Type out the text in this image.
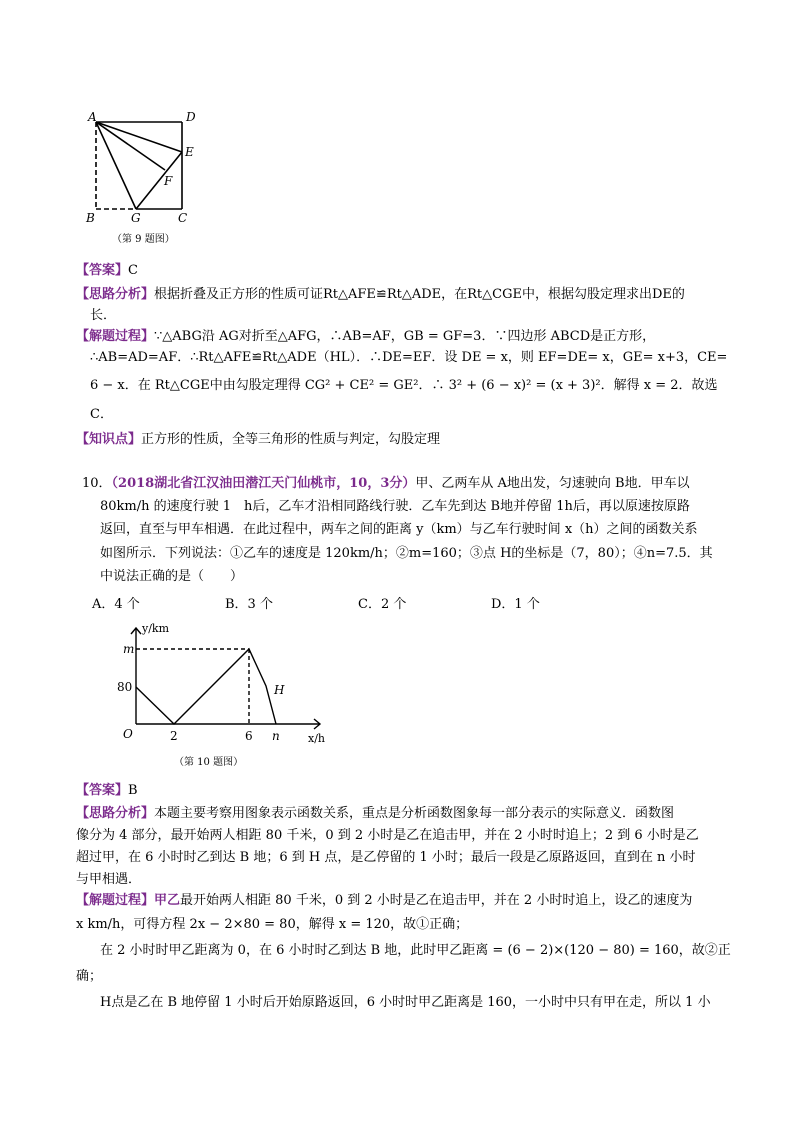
A	D
E
F
B	G	C
（第 9 题图）
【答案】C
【思路分析】根据折叠及正方形的性质可证Rt△AFE≌Rt△ADE，在Rt△CGE中，根据勾股定理求出DE的
长．
【解题过程】∵△ABG沿 AG对折至△AFG，∴AB=AF，GB = GF=3．∵四边形 ABCD是正方形，
∴AB=AD=AF．∴Rt△AFE≌Rt△ADE（HL）．∴DE=EF．设 DE = x，则 EF=DE= x，GE= x+3，CE=
6 − x．在 Rt△CGE中由勾股定理得 CG² + CE² = GE²．∴ 3² + (6 − x)² = (x + 3)²．解得 x = 2．故选
C．
【知识点】正方形的性质，全等三角形的性质与判定，勾股定理
10．（2018湖北省江汉油田潜江天门仙桃市，10，3分）甲、乙两车从 A地出发，匀速驶向 B地．甲车以
80km/h 的速度行驶 1　h后，乙车才沿相同路线行驶．乙车先到达 B地并停留 1h后，再以原速按原路
返回，直至与甲车相遇．在此过程中，两车之间的距离 y（km）与乙车行驶时间 x（h）之间的函数关系
如图所示．下列说法：①乙车的速度是 120km/h；②m=160；③点 H的坐标是（7，80）；④n=7.5．其
中说法正确的是（　　）
A．4 个	B．3 个	C．2 个	D．1 个
y/km
x/h
m
80
O	2	6 n
H
（第 10 题图）
【答案】B
【思路分析】本题主要考察用图象表示函数关系，重点是分析函数图象每一部分表示的实际意义．函数图
像分为 4 部分，最开始两人相距 80 千米，0 到 2 小时是乙在追击甲，并在 2 小时时追上；2 到 6 小时是乙
超过甲，在 6 小时时乙到达 B 地；6 到 H 点，是乙停留的 1 小时；最后一段是乙原路返回，直到在 n 小时
与甲相遇．
【解题过程】甲乙最开始两人相距 80 千米，0 到 2 小时是乙在追击甲，并在 2 小时时追上，设乙的速度为
x km/h，可得方程 2x − 2×80 = 80，解得 x = 120，故①正确；
在 2 小时时甲乙距离为 0，在 6 小时时乙到达 B 地，此时甲乙距离 = (6 − 2)×(120 − 80) = 160，故②正
确；
H点是乙在 B 地停留 1 小时后开始原路返回，6 小时时甲乙距离是 160，一小时中只有甲在走，所以 1 小
